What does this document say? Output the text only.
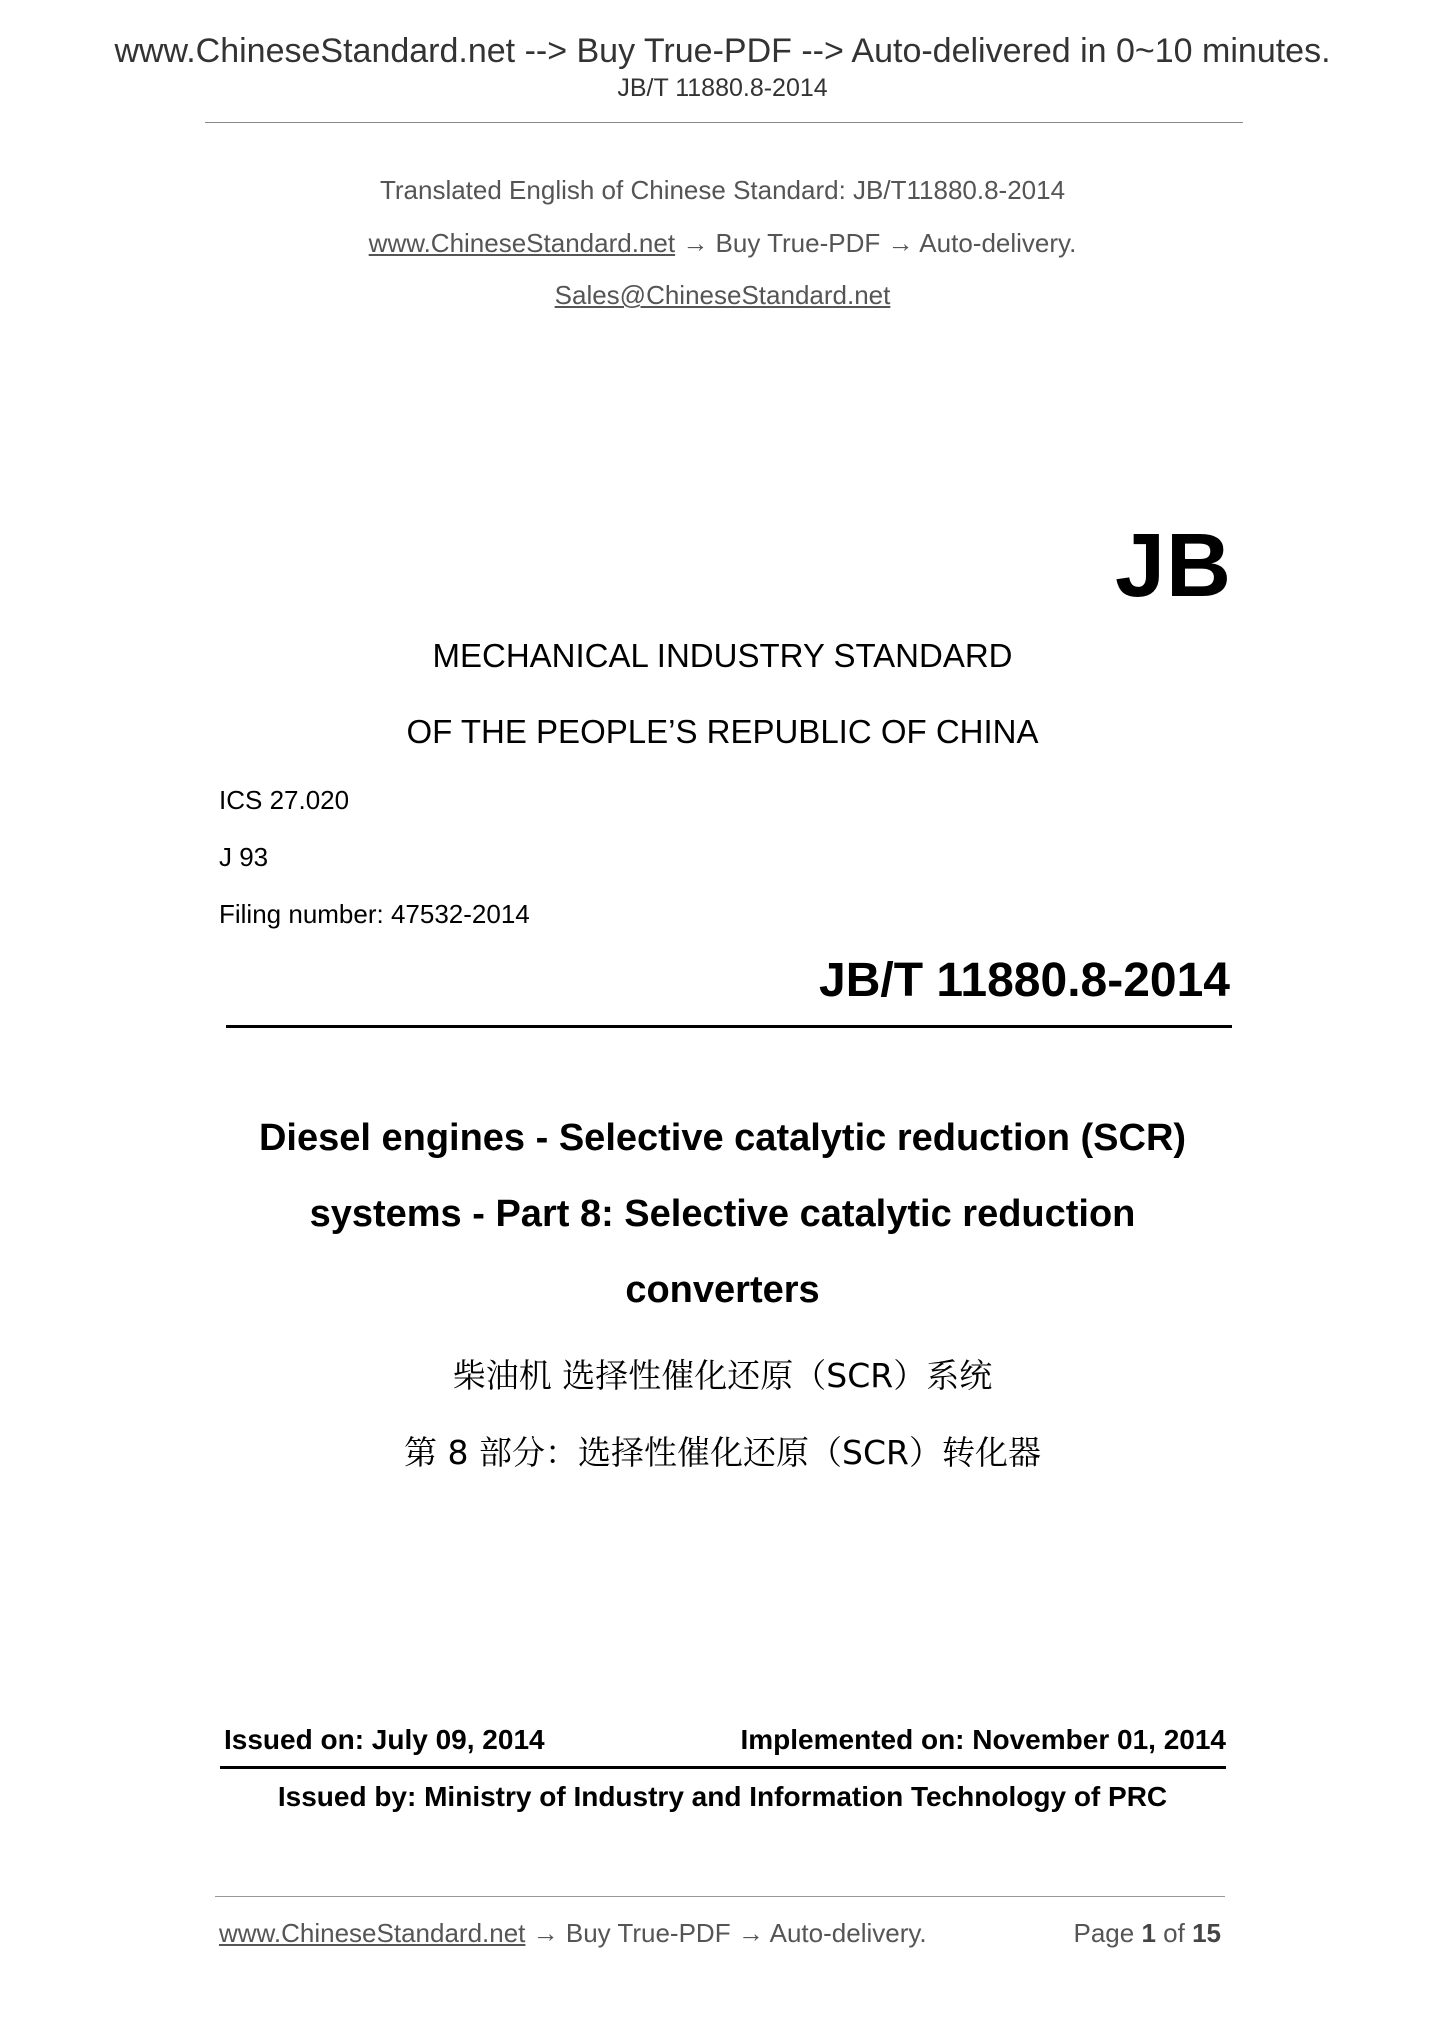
www.ChineseStandard.net --> Buy True-PDF --> Auto-delivered in 0~10 minutes.
JB/T 11880.8-2014
Translated English of Chinese Standard: JB/T11880.8-2014
www.ChineseStandard.net → Buy True-PDF → Auto-delivery.
Sales@ChineseStandard.net
JB
MECHANICAL INDUSTRY STANDARD
OF THE PEOPLE’S REPUBLIC OF CHINA
ICS 27.020
J 93
Filing number: 47532-2014
JB/T 11880.8-2014
Diesel engines - Selective catalytic reduction (SCR)
systems - Part 8: Selective catalytic reduction
converters
柴油机 选择性催化还原（SCR）系统
第 8 部分：选择性催化还原（SCR）转化器
Issued on: July 09, 2014	Implemented on: November 01, 2014
Issued by: Ministry of Industry and Information Technology of PRC
www.ChineseStandard.net → Buy True-PDF → Auto-delivery.	Page 1 of 15
